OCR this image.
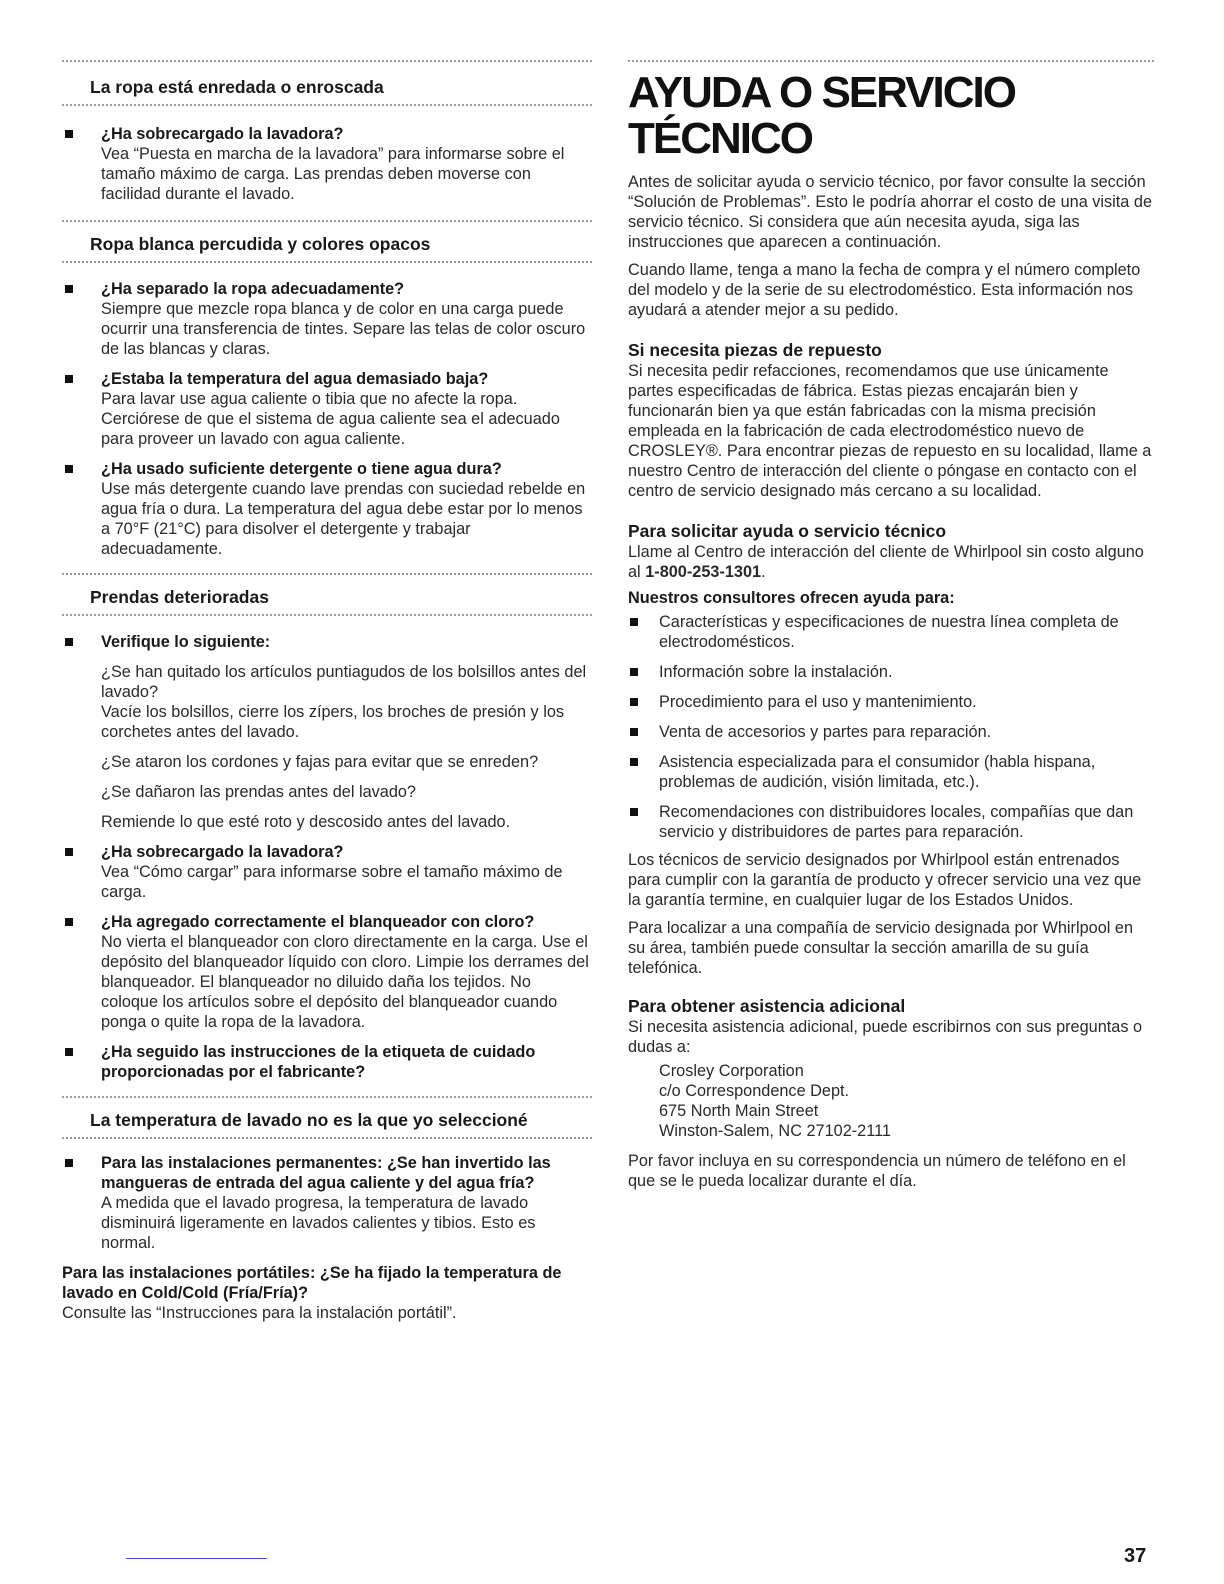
La ropa está enredada o enroscada
¿Ha sobrecargado la lavadora?
Vea “Puesta en marcha de la lavadora” para informarse sobre el tamaño máximo de carga. Las prendas deben moverse con facilidad durante el lavado.
Ropa blanca percudida y colores opacos
¿Ha separado la ropa adecuadamente?
Siempre que mezcle ropa blanca y de color en una carga puede ocurrir una transferencia de tintes. Separe las telas de color oscuro de las blancas y claras.
¿Estaba la temperatura del agua demasiado baja?
Para lavar use agua caliente o tibia que no afecte la ropa. Cerciórese de que el sistema de agua caliente sea el adecuado para proveer un lavado con agua caliente.
¿Ha usado suficiente detergente o tiene agua dura?
Use más detergente cuando lave prendas con suciedad rebelde en agua fría o dura. La temperatura del agua debe estar por lo menos a 70°F (21°C) para disolver el detergente y trabajar adecuadamente.
Prendas deterioradas
Verifique lo siguiente:
¿Se han quitado los artículos puntiagudos de los bolsillos antes del lavado?
Vacíe los bolsillos, cierre los zípers, los broches de presión y los corchetes antes del lavado.
¿Se ataron los cordones y fajas para evitar que se enreden?
¿Se dañaron las prendas antes del lavado?
Remiende lo que esté roto y descosido antes del lavado.
¿Ha sobrecargado la lavadora?
Vea “Cómo cargar” para informarse sobre el tamaño máximo de carga.
¿Ha agregado correctamente el blanqueador con cloro?
No vierta el blanqueador con cloro directamente en la carga. Use el depósito del blanqueador líquido con cloro. Limpie los derrames del blanqueador. El blanqueador no diluido daña los tejidos. No coloque los artículos sobre el depósito del blanqueador cuando ponga o quite la ropa de la lavadora.
¿Ha seguido las instrucciones de la etiqueta de cuidado proporcionadas por el fabricante?
La temperatura de lavado no es la que yo seleccioné
Para las instalaciones permanentes: ¿Se han invertido las mangueras de entrada del agua caliente y del agua fría?
A medida que el lavado progresa, la temperatura de lavado disminuirá ligeramente en lavados calientes y tibios. Esto es normal.
Para las instalaciones portátiles: ¿Se ha fijado la temperatura de lavado en Cold/Cold (Fría/Fría)?
Consulte las “Instrucciones para la instalación portátil”.
AYUDA O SERVICIO TÉCNICO
Antes de solicitar ayuda o servicio técnico, por favor consulte la sección “Solución de Problemas”. Esto le podría ahorrar el costo de una visita de servicio técnico. Si considera que aún necesita ayuda, siga las instrucciones que aparecen a continuación.
Cuando llame, tenga a mano la fecha de compra y el número completo del modelo y de la serie de su electrodoméstico. Esta información nos ayudará a atender mejor a su pedido.
Si necesita piezas de repuesto
Si necesita pedir refacciones, recomendamos que use únicamente partes especificadas de fábrica. Estas piezas encajarán bien y funcionarán bien ya que están fabricadas con la misma precisión empleada en la fabricación de cada electrodoméstico nuevo de CROSLEY®. Para encontrar piezas de repuesto en su localidad, llame a nuestro Centro de interacción del cliente o póngase en contacto con el centro de servicio designado más cercano a su localidad.
Para solicitar ayuda o servicio técnico
Llame al Centro de interacción del cliente de Whirlpool sin costo alguno al 1-800-253-1301.
Nuestros consultores ofrecen ayuda para:
Características y especificaciones de nuestra línea completa de electrodomésticos.
Información sobre la instalación.
Procedimiento para el uso y mantenimiento.
Venta de accesorios y partes para reparación.
Asistencia especializada para el consumidor (habla hispana, problemas de audición, visión limitada, etc.).
Recomendaciones con distribuidores locales, compañías que dan servicio y distribuidores de partes para reparación.
Los técnicos de servicio designados por Whirlpool están entrenados para cumplir con la garantía de producto y ofrecer servicio una vez que la garantía termine, en cualquier lugar de los Estados Unidos.
Para localizar a una compañía de servicio designada por Whirlpool en su área, también puede consultar la sección amarilla de su guía telefónica.
Para obtener asistencia adicional
Si necesita asistencia adicional, puede escribirnos con sus preguntas o dudas a:
Crosley Corporation
c/o Correspondence Dept.
675 North Main Street
Winston-Salem, NC 27102-2111
Por favor incluya en su correspondencia un número de teléfono en el que se le pueda localizar durante el día.
37
